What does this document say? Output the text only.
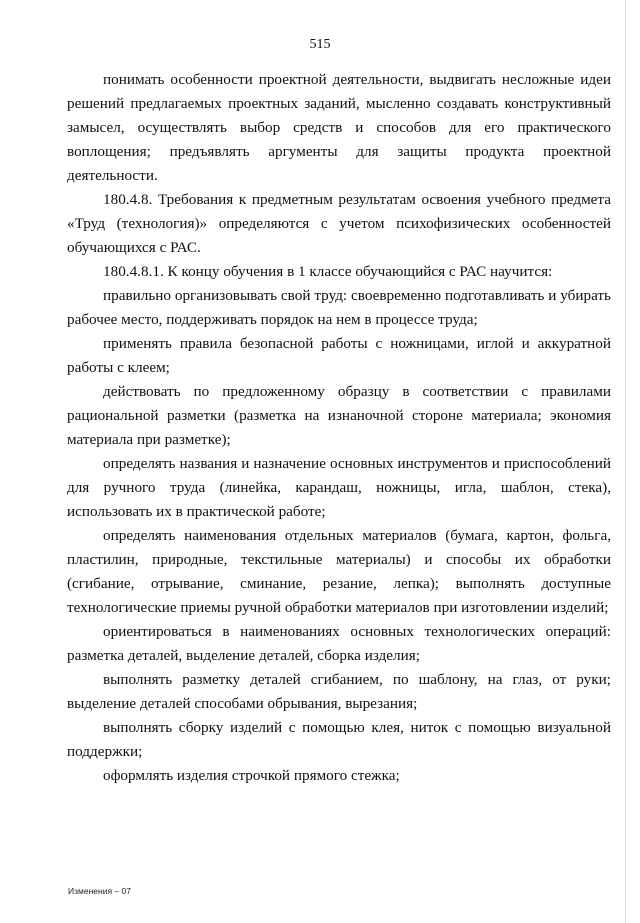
515

понимать особенности проектной деятельности, выдвигать несложные идеи решений предлагаемых проектных заданий, мысленно создавать конструктивный замысел, осуществлять выбор средств и способов для его практического воплощения; предъявлять аргументы для защиты продукта проектной деятельности.

180.4.8. Требования к предметным результатам освоения учебного предмета «Труд (технология)» определяются с учетом психофизических особенностей обучающихся с РАС.

180.4.8.1. К концу обучения в 1 классе обучающийся с РАС научится:

правильно организовывать свой труд: своевременно подготавливать и убирать рабочее место, поддерживать порядок на нем в процессе труда;

применять правила безопасной работы с ножницами, иглой и аккуратной работы с клеем;

действовать по предложенному образцу в соответствии с правилами рациональной разметки (разметка на изнаночной стороне материала; экономия материала при разметке);

определять названия и назначение основных инструментов и приспособлений для ручного труда (линейка, карандаш, ножницы, игла, шаблон, стека), использовать их в практической работе;

определять наименования отдельных материалов (бумага, картон, фольга, пластилин, природные, текстильные материалы) и способы их обработки (сгибание, отрывание, сминание, резание, лепка); выполнять доступные технологические приемы ручной обработки материалов при изготовлении изделий;

ориентироваться в наименованиях основных технологических операций: разметка деталей, выделение деталей, сборка изделия;

выполнять разметку деталей сгибанием, по шаблону, на глаз, от руки; выделение деталей способами обрывания, вырезания;

выполнять сборку изделий с помощью клея, ниток с помощью визуальной поддержки;

оформлять изделия строчкой прямого стежка;

Изменения – 07
